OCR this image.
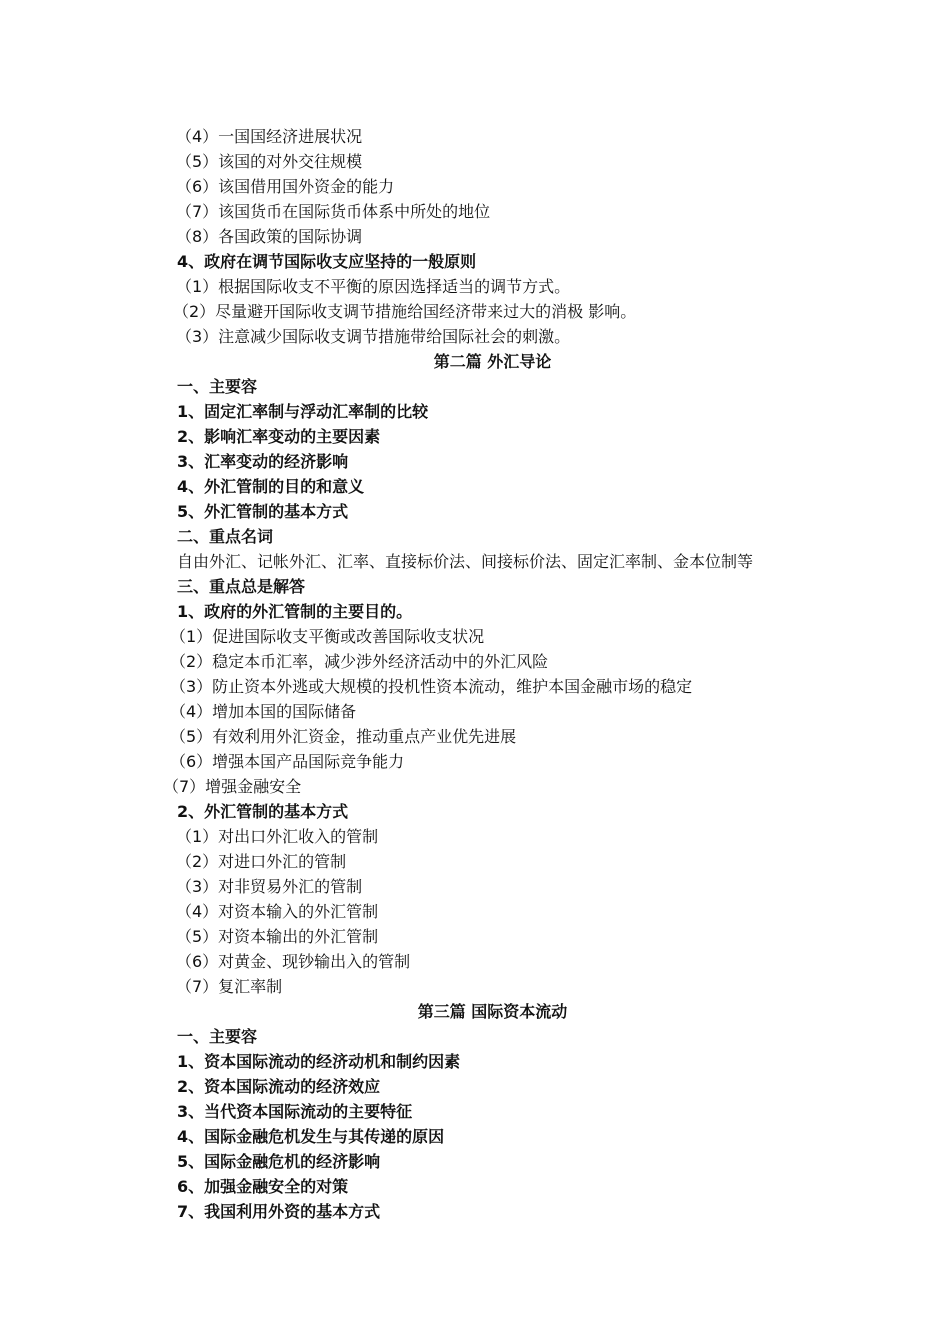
（4）一国国经济进展状况
（5）该国的对外交往规模
（6）该国借用国外资金的能力
（7）该国货币在国际货币体系中所处的地位
（8）各国政策的国际协调
4、政府在调节国际收支应坚持的一般原则
（1）根据国际收支不平衡的原因选择适当的调节方式。
（2）尽量避开国际收支调节措施给国经济带来过大的消极 影响。
（3）注意减少国际收支调节措施带给国际社会的刺激。
第二篇 外汇导论
一、主要容
1、固定汇率制与浮动汇率制的比较
2、影响汇率变动的主要因素
3、汇率变动的经济影响
4、外汇管制的目的和意义
5、外汇管制的基本方式
二、重点名词
自由外汇、记帐外汇、汇率、直接标价法、间接标价法、固定汇率制、金本位制等
三、重点总是解答
1、政府的外汇管制的主要目的。
（1）促进国际收支平衡或改善国际收支状况
（2）稳定本币汇率，减少涉外经济活动中的外汇风险
（3）防止资本外逃或大规模的投机性资本流动，维护本国金融市场的稳定
（4）增加本国的国际储备
（5）有效利用外汇资金，推动重点产业优先进展
（6）增强本国产品国际竞争能力
（7）增强金融安全
2、外汇管制的基本方式
（1）对出口外汇收入的管制
（2）对进口外汇的管制
（3）对非贸易外汇的管制
（4）对资本输入的外汇管制
（5）对资本输出的外汇管制
（6）对黄金、现钞输出入的管制
（7）复汇率制
第三篇 国际资本流动
一、主要容
1、资本国际流动的经济动机和制约因素
2、资本国际流动的经济效应
3、当代资本国际流动的主要特征
4、国际金融危机发生与其传递的原因
5、国际金融危机的经济影响
6、加强金融安全的对策
7、我国利用外资的基本方式
